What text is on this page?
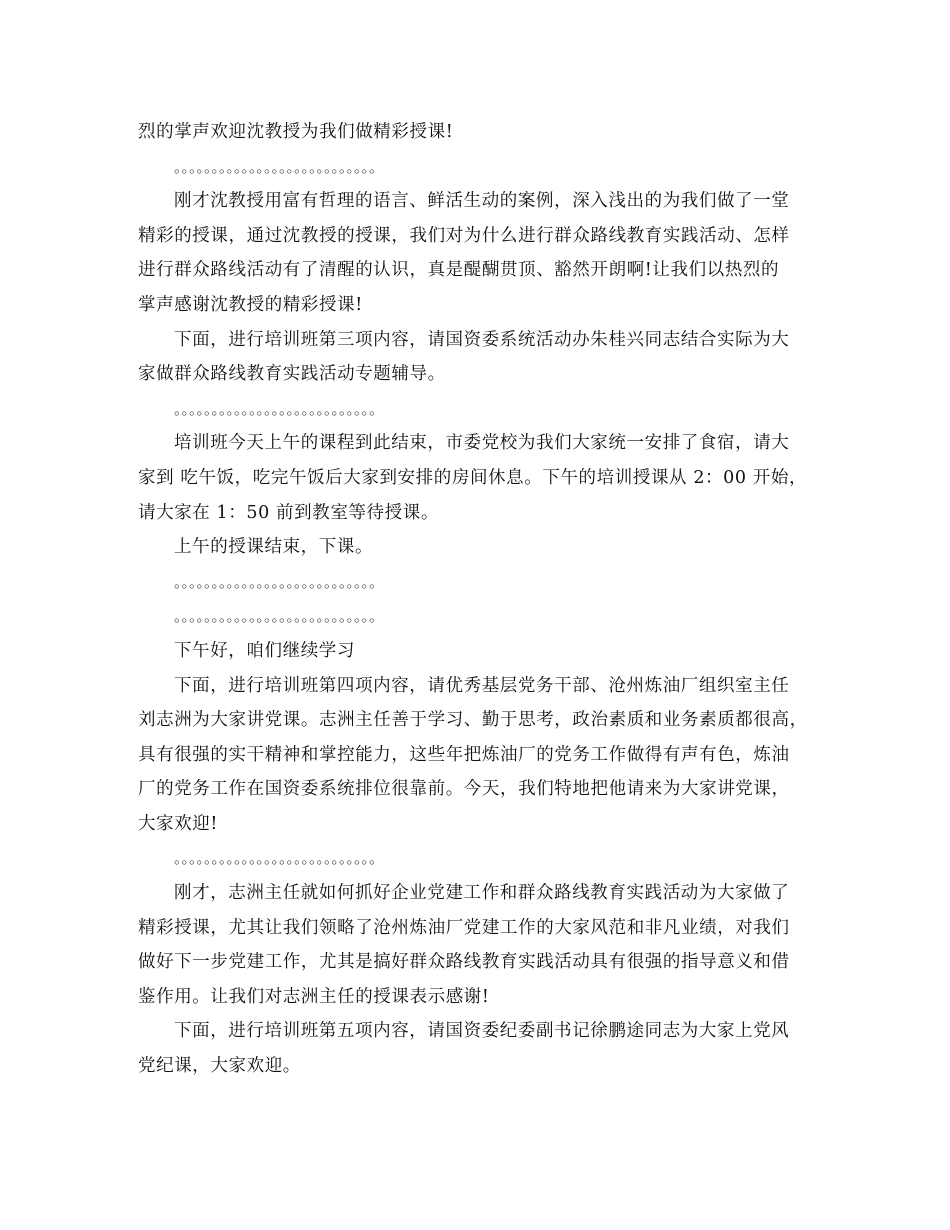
烈的掌声欢迎沈教授为我们做精彩授课!
。。。。。。。。。。。。。。。。。。。。。。。。。。。
刚才沈教授用富有哲理的语言、鲜活生动的案例，深入浅出的为我们做了一堂
精彩的授课，通过沈教授的授课，我们对为什么进行群众路线教育实践活动、怎样
进行群众路线活动有了清醒的认识，真是醍醐贯顶、豁然开朗啊!让我们以热烈的
掌声感谢沈教授的精彩授课!
下面，进行培训班第三项内容，请国资委系统活动办朱桂兴同志结合实际为大
家做群众路线教育实践活动专题辅导。
。。。。。。。。。。。。。。。。。。。。。。。。。。。
培训班今天上午的课程到此结束，市委党校为我们大家统一安排了食宿，请大
家到 吃午饭，吃完午饭后大家到安排的房间休息。下午的培训授课从 2：00 开始，
请大家在 1：50 前到教室等待授课。
上午的授课结束，下课。
。。。。。。。。。。。。。。。。。。。。。。。。。。。
。。。。。。。。。。。。。。。。。。。。。。。。。。。
下午好，咱们继续学习
下面，进行培训班第四项内容，请优秀基层党务干部、沧州炼油厂组织室主任
刘志洲为大家讲党课。志洲主任善于学习、勤于思考，政治素质和业务素质都很高，
具有很强的实干精神和掌控能力，这些年把炼油厂的党务工作做得有声有色，炼油
厂的党务工作在国资委系统排位很靠前。今天，我们特地把他请来为大家讲党课，
大家欢迎!
。。。。。。。。。。。。。。。。。。。。。。。。。。。
刚才，志洲主任就如何抓好企业党建工作和群众路线教育实践活动为大家做了
精彩授课，尤其让我们领略了沧州炼油厂党建工作的大家风范和非凡业绩，对我们
做好下一步党建工作，尤其是搞好群众路线教育实践活动具有很强的指导意义和借
鉴作用。让我们对志洲主任的授课表示感谢!
下面，进行培训班第五项内容，请国资委纪委副书记徐鹏途同志为大家上党风
党纪课，大家欢迎。
